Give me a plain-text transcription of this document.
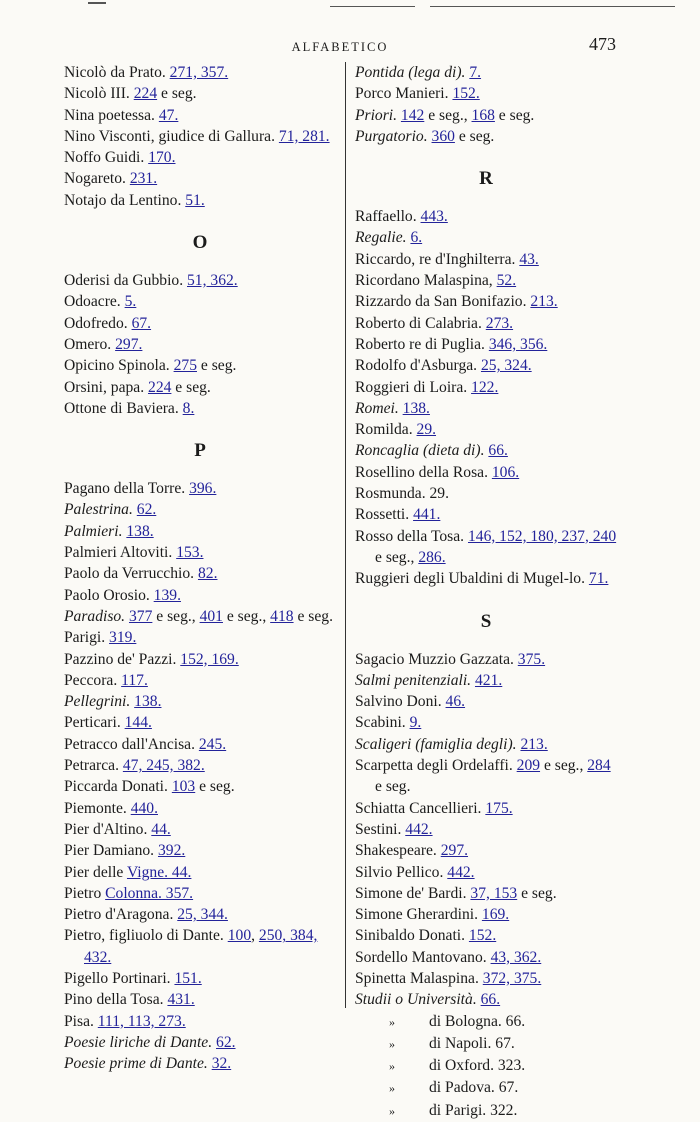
ALFABETICO	473
Nicolò da Prato. 271, 357.
Nicolò III. 224 e seg.
Nina poetessa. 47.
Nino Visconti, giudice di Gallura. 71, 281.
Noffo Guidi. 170.
Nogareto. 231.
Notajo da Lentino. 51.
O
Oderisi da Gubbio. 51, 362.
Odoacre. 5.
Odofredo. 67.
Omero. 297.
Opicino Spinola. 275 e seg.
Orsini, papa. 224 e seg.
Ottone di Baviera. 8.
P
Pagano della Torre. 396.
Palestrina. 62.
Palmieri. 138.
Palmieri Altoviti. 153.
Paolo da Verrucchio. 82.
Paolo Orosio. 139.
Paradiso. 377 e seg., 401 e seg., 418 e seg.
Parigi. 319.
Pazzino de' Pazzi. 152, 169.
Peccora. 117.
Pellegrini. 138.
Perticari. 144.
Petracco dall'Ancisa. 245.
Petrarca. 47, 245, 382.
Piccarda Donati. 103 e seg.
Piemonte. 440.
Pier d'Altino. 44.
Pier Damiano. 392.
Pier delle Vigne. 44.
Pietro Colonna. 357.
Pietro d'Aragona. 25, 344.
Pietro, figliuolo di Dante. 100, 250, 384, 432.
Pigello Portinari. 151.
Pino della Tosa. 431.
Pisa. 111, 113, 273.
Poesie liriche di Dante. 62.
Poesie prime di Dante. 32.
Pontida (lega di). 7.
Porco Manieri. 152.
Priori. 142 e seg., 168 e seg.
Purgatorio. 360 e seg.
R
Raffaello. 443.
Regalie. 6.
Riccardo, re d'Inghilterra. 43.
Ricordano Malaspina, 52.
Rizzardo da San Bonifazio. 213.
Roberto di Calabria. 273.
Roberto re di Puglia. 346, 356.
Rodolfo d'Asburga. 25, 324.
Roggieri di Loira. 122.
Romei. 138.
Romilda. 29.
Roncaglia (dieta di). 66.
Rosellino della Rosa. 106.
Rosmunda. 29.
Rossetti. 441.
Rosso della Tosa. 146, 152, 180, 237, 240 e seg., 286.
Ruggieri degli Ubaldini di Mugel-lo. 71.
S
Sagacio Muzzio Gazzata. 375.
Salmi penitenziali. 421.
Salvino Doni. 46.
Scabini. 9.
Scaligeri (famiglia degli). 213.
Scarpetta degli Ordelaffi. 209 e seg., 284 e seg.
Schiatta Cancellieri. 175.
Sestini. 442.
Shakespeare. 297.
Silvio Pellico. 442.
Simone de' Bardi. 37, 153 e seg.
Simone Gherardini. 169.
Sinibaldo Donati. 152.
Sordello Mantovano. 43, 362.
Spinetta Malaspina. 372, 375.
Studii o Università. 66.
» di Bologna. 66.
» di Napoli. 67.
» di Oxford. 323.
» di Padova. 67.
» di Parigi. 322.
